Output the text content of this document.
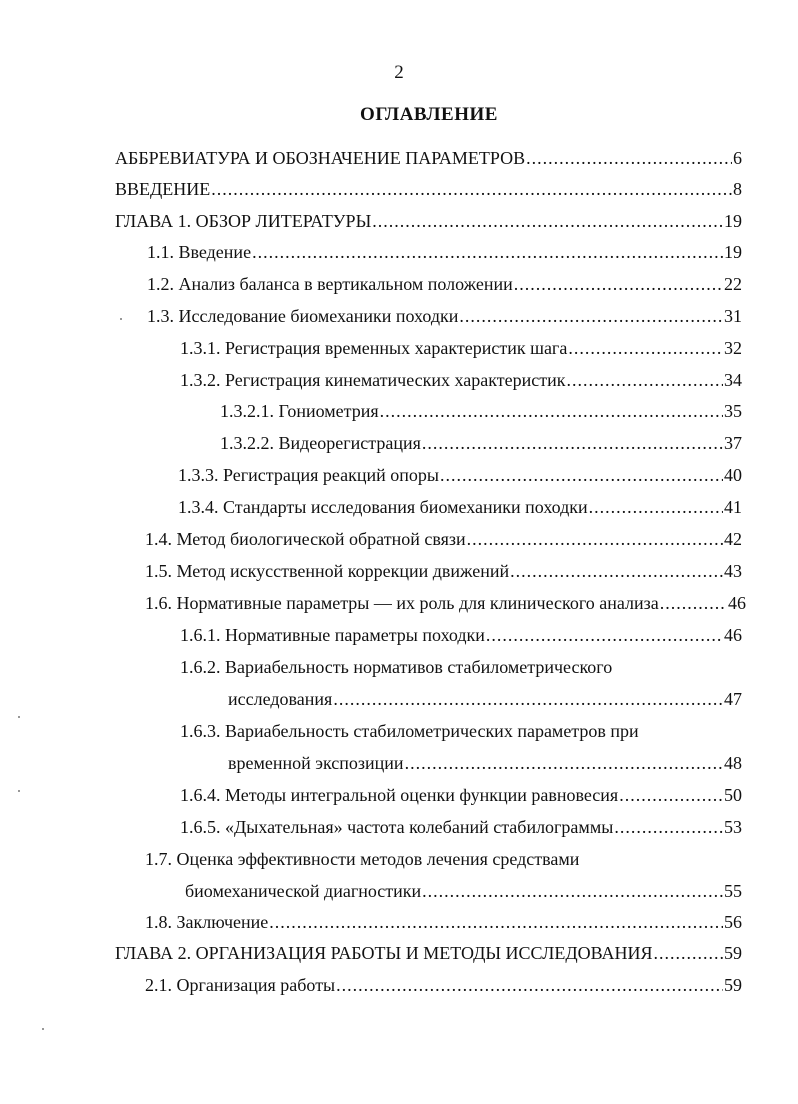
2
ОГЛАВЛЕНИЕ
АББРЕВИАТУРА И ОБОЗНАЧЕНИЕ ПАРАМЕТРОВ .....	6
ВВЕДЕНИЕ .....	8
ГЛАВА 1. ОБЗОР ЛИТЕРАТУРЫ .....	19
1.1. Введение .....	19
1.2. Анализ баланса в вертикальном положении .....	22
1.3. Исследование биомеханики походки .....	31
1.3.1. Регистрация временных характеристик шага .....	32
1.3.2. Регистрация кинематических характеристик .....	34
1.3.2.1. Гониометрия .....	35
1.3.2.2. Видеорегистрация .....	37
1.3.3. Регистрация реакций опоры .....	40
1.3.4. Стандарты исследования биомеханики походки .....	41
1.4. Метод биологической обратной связи .....	42
1.5. Метод искусственной коррекции движений .....	43
1.6. Нормативные параметры — их роль для клинического анализа .....	46
1.6.1. Нормативные параметры походки .....	46
1.6.2. Вариабельность нормативов стабилометрического
исследования .....	47
1.6.3. Вариабельность стабилометрических параметров при
временной экспозиции .....	48
1.6.4. Методы интегральной оценки функции равновесия .....	50
1.6.5. «Дыхательная» частота колебаний стабилограммы .....	53
1.7. Оценка эффективности методов лечения средствами
биомеханической диагностики .....	55
1.8. Заключение .....	56
ГЛАВА 2. ОРГАНИЗАЦИЯ РАБОТЫ И МЕТОДЫ ИССЛЕДОВАНИЯ .....	59
2.1. Организация работы .....	59
